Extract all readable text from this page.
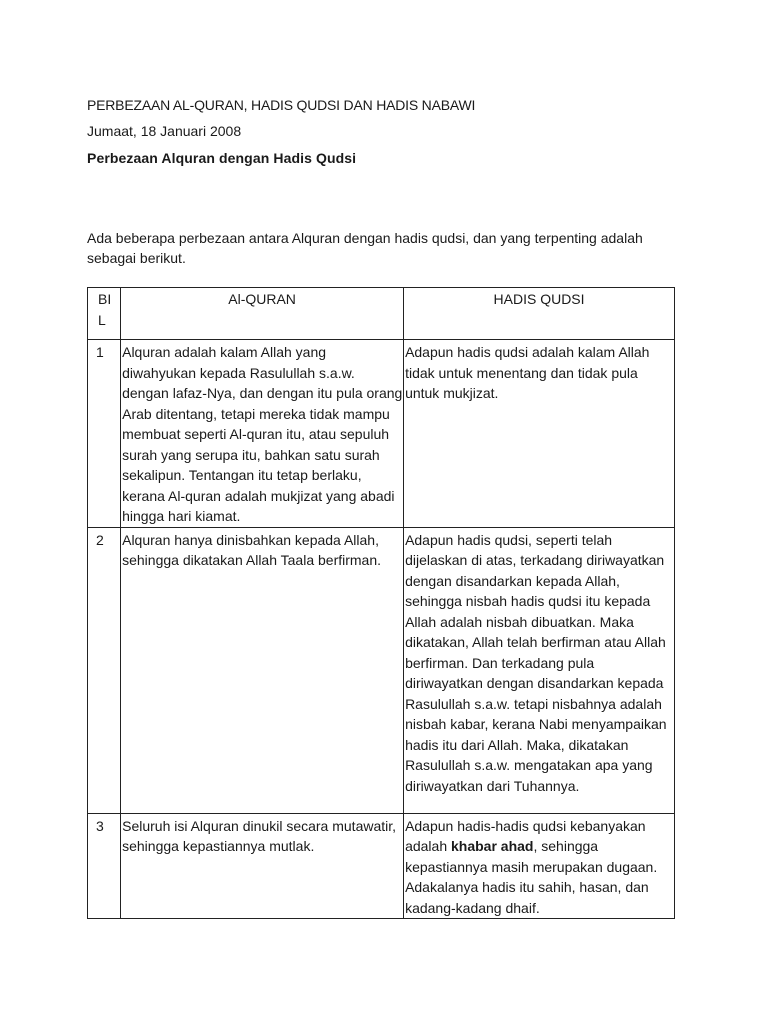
PERBEZAAN AL-QURAN, HADIS QUDSI DAN HADIS NABAWI
Jumaat, 18 Januari 2008
Perbezaan Alquran dengan Hadis Qudsi
Ada beberapa perbezaan antara Alquran dengan hadis qudsi, dan yang terpenting adalah sebagai berikut.
BI
L	Al-QURAN	HADIS QUDSI
1	Alquran adalah kalam Allah yang diwahyukan kepada Rasulullah s.a.w. dengan lafaz-Nya, dan dengan itu pula orang Arab ditentang, tetapi mereka tidak mampu membuat seperti Al-quran itu, atau sepuluh surah yang serupa itu, bahkan satu surah sekalipun. Tentangan itu tetap berlaku, kerana Al-quran adalah mukjizat yang abadi hingga hari kiamat.	Adapun hadis qudsi adalah kalam Allah tidak untuk menentang dan tidak pula untuk mukjizat.
2	Alquran hanya dinisbahkan kepada Allah, sehingga dikatakan Allah Taala berfirman.	Adapun hadis qudsi, seperti telah dijelaskan di atas, terkadang diriwayatkan dengan disandarkan kepada Allah, sehingga nisbah hadis qudsi itu kepada Allah adalah nisbah dibuatkan. Maka dikatakan, Allah telah berfirman atau Allah berfirman. Dan terkadang pula diriwayatkan dengan disandarkan kepada Rasulullah s.a.w. tetapi nisbahnya adalah nisbah kabar, kerana Nabi menyampaikan hadis itu dari Allah. Maka, dikatakan Rasulullah s.a.w. mengatakan apa yang diriwayatkan dari Tuhannya.
3	Seluruh isi Alquran dinukil secara mutawatir, sehingga kepastiannya mutlak.	Adapun hadis-hadis qudsi kebanyakan adalah khabar ahad, sehingga kepastiannya masih merupakan dugaan. Adakalanya hadis itu sahih, hasan, dan kadang-kadang dhaif.
